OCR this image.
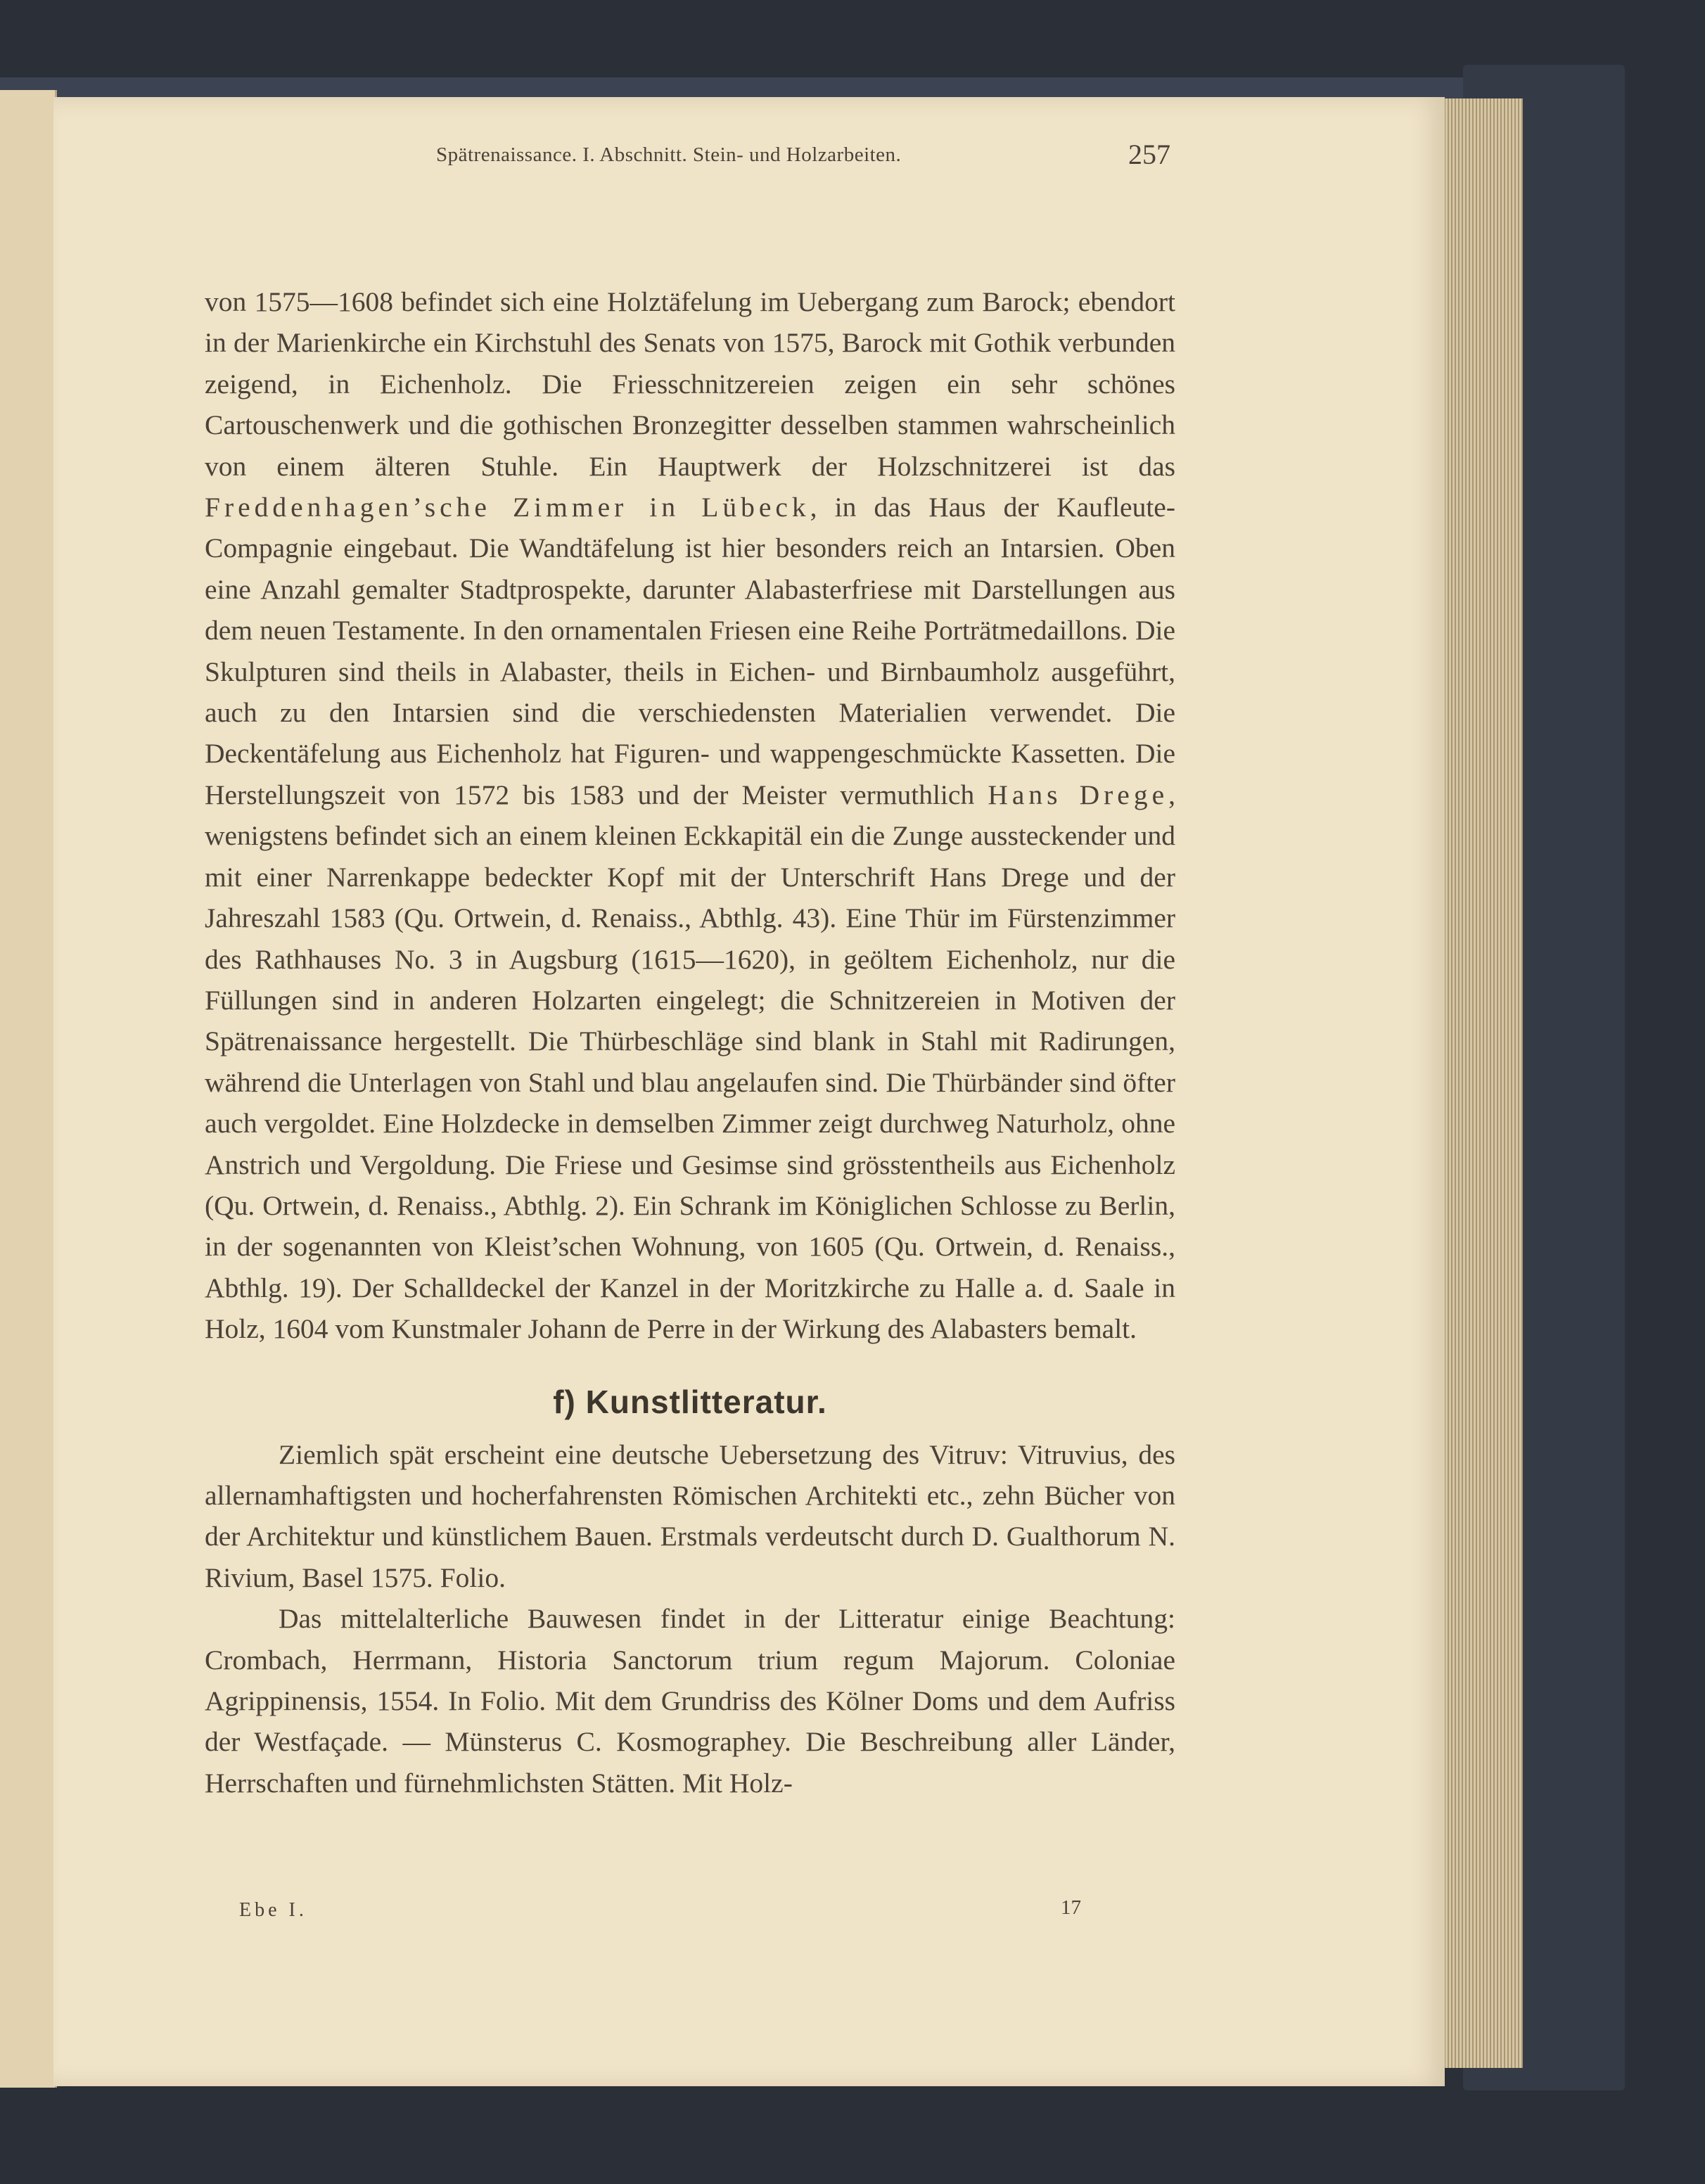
Spätrenaissance. I. Abschnitt. Stein- und Holzarbeiten.	257

von 1575—1608 befindet sich eine Holztäfelung im Uebergang zum Barock; ebendort in der Marienkirche ein Kirchstuhl des Senats von 1575, Barock mit Gothik verbunden zeigend, in Eichenholz. Die Friesschnitzereien zeigen ein sehr schönes Cartouschenwerk und die gothischen Bronzegitter desselben stammen wahrscheinlich von einem älteren Stuhle. Ein Hauptwerk der Holzschnitzerei ist das Freddenhagen’sche Zimmer in Lübeck, in das Haus der Kaufleute-Compagnie eingebaut. Die Wandtäfelung ist hier besonders reich an Intarsien. Oben eine Anzahl gemalter Stadtprospekte, darunter Alabasterfriese mit Darstellungen aus dem neuen Testamente. In den ornamentalen Friesen eine Reihe Porträtmedaillons. Die Skulpturen sind theils in Alabaster, theils in Eichen- und Birnbaumholz ausgeführt, auch zu den Intarsien sind die verschiedensten Materialien verwendet. Die Deckentäfelung aus Eichenholz hat Figuren- und wappengeschmückte Kassetten. Die Herstellungszeit von 1572 bis 1583 und der Meister vermuthlich Hans Drege, wenigstens befindet sich an einem kleinen Eckkapitäl ein die Zunge aussteckender und mit einer Narrenkappe bedeckter Kopf mit der Unterschrift Hans Drege und der Jahreszahl 1583 (Qu. Ortwein, d. Renaiss., Abthlg. 43). Eine Thür im Fürstenzimmer des Rathhauses No. 3 in Augsburg (1615—1620), in geöltem Eichenholz, nur die Füllungen sind in anderen Holzarten eingelegt; die Schnitzereien in Motiven der Spätrenaissance hergestellt. Die Thürbeschläge sind blank in Stahl mit Radirungen, während die Unterlagen von Stahl und blau angelaufen sind. Die Thürbänder sind öfter auch vergoldet. Eine Holzdecke in demselben Zimmer zeigt durchweg Naturholz, ohne Anstrich und Vergoldung. Die Friese und Gesimse sind grösstentheils aus Eichenholz (Qu. Ortwein, d. Renaiss., Abthlg. 2). Ein Schrank im Königlichen Schlosse zu Berlin, in der sogenannten von Kleist’schen Wohnung, von 1605 (Qu. Ortwein, d. Renaiss., Abthlg. 19). Der Schalldeckel der Kanzel in der Moritzkirche zu Halle a. d. Saale in Holz, 1604 vom Kunstmaler Johann de Perre in der Wirkung des Alabasters bemalt.

f) Kunstlitteratur.

Ziemlich spät erscheint eine deutsche Uebersetzung des Vitruv: Vitruvius, des allernamhaftigsten und hocherfahrensten Römischen Architekti etc., zehn Bücher von der Architektur und künstlichem Bauen. Erstmals verdeutscht durch D. Gualthorum N. Rivium, Basel 1575. Folio.

Das mittelalterliche Bauwesen findet in der Litteratur einige Beachtung: Crombach, Herrmann, Historia Sanctorum trium regum Majorum. Coloniae Agrippinensis, 1554. In Folio. Mit dem Grundriss des Kölner Doms und dem Aufriss der Westfaçade. — Münsterus C. Kosmographey. Die Beschreibung aller Länder, Herrschaften und fürnehmlichsten Stätten. Mit Holz-

Ebe I.	17
